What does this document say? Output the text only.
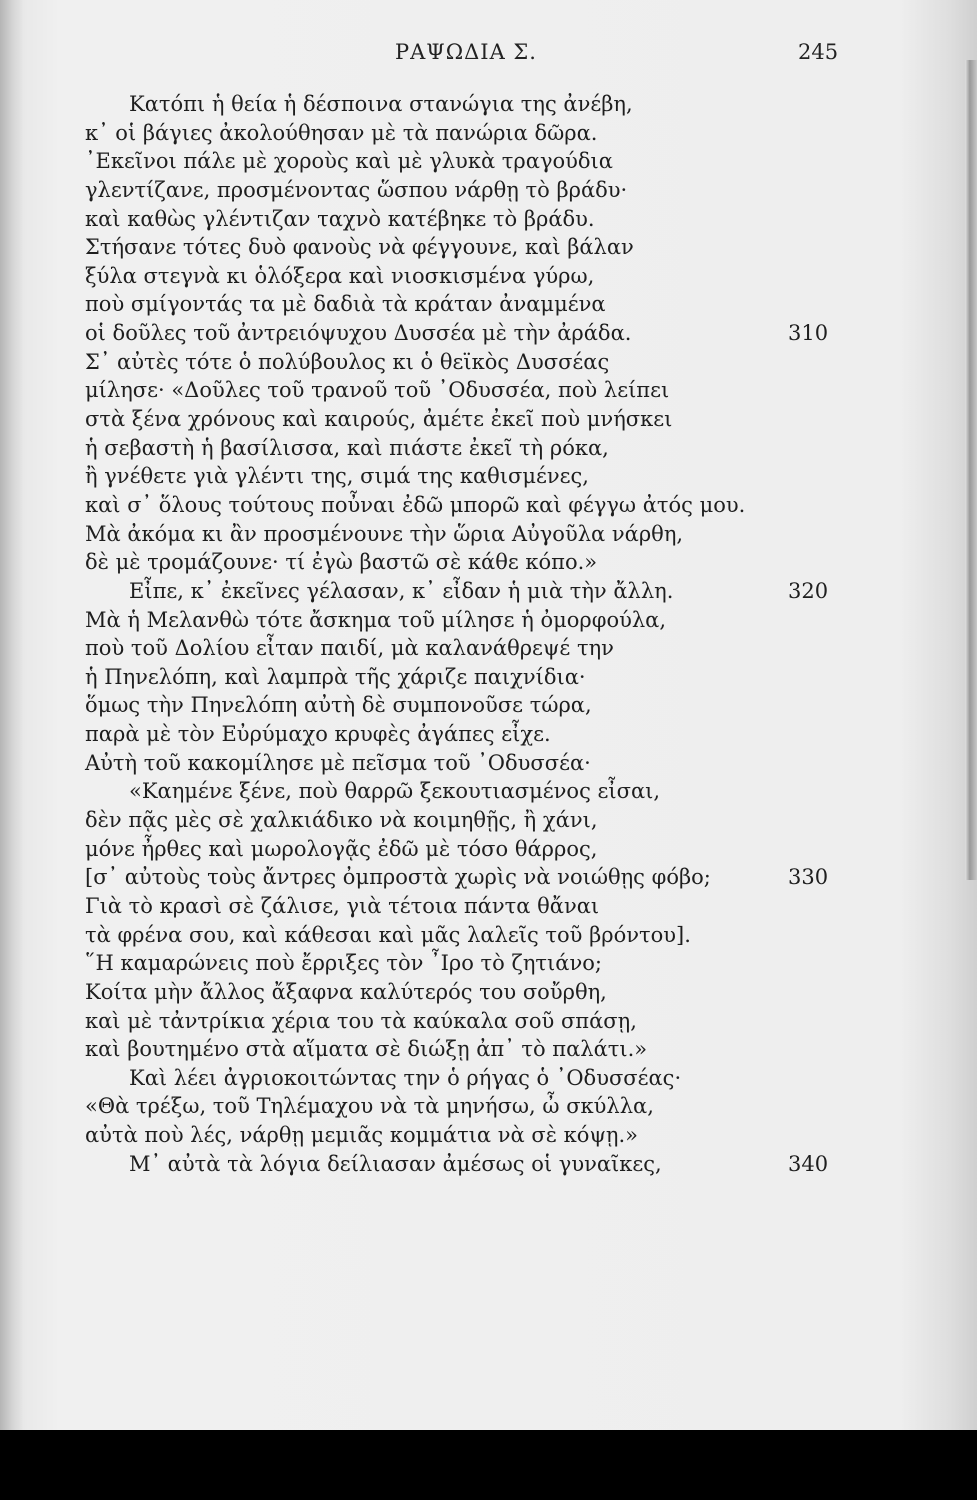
ΡΑΨΩΔΙΑ Σ.	245
Κατόπι ἡ θεία ἡ δέσποινα στανώγια της ἀνέβη,
κ᾽ οἱ βάγιες ἀκολούθησαν μὲ τὰ πανώρια δῶρα.
᾿Εκεῖνοι πάλε μὲ χοροὺς καὶ μὲ γλυκὰ τραγούδια
γλεντίζανε, προσμένοντας ὥσπου νάρθῃ τὸ βράδυ·
καὶ καθὼς γλέντιζαν ταχνὸ κατέβηκε τὸ βράδυ.
Στήσανε τότες δυὸ φανοὺς νὰ φέγγουνε, καὶ βάλαν
ξύλα στεγνὰ κι ὁλόξερα καὶ νιοσκισμένα γύρω,
ποὺ σμίγοντάς τα μὲ δαδιὰ τὰ κράταν ἀναμμένα
οἱ δοῦλες τοῦ ἀντρειόψυχου Δυσσέα μὲ τὴν ἀράδα.	310
Σ᾽ αὐτὲς τότε ὁ πολύβουλος κι ὁ θεϊκὸς Δυσσέας
μίλησε· «Δοῦλες τοῦ τρανοῦ τοῦ ᾿Οδυσσέα, ποὺ λείπει
στὰ ξένα χρόνους καὶ καιρούς, ἀμέτε ἐκεῖ ποὺ μνήσκει
ἡ σεβαστὴ ἡ βασίλισσα, καὶ πιάστε ἐκεῖ τὴ ρόκα,
ἢ γνέθετε γιὰ γλέντι της, σιμά της καθισμένες,
καὶ σ᾽ ὅλους τούτους ποὖναι ἐδῶ μπορῶ καὶ φέγγω ἀτός μου.
Μὰ ἀκόμα κι ἂν προσμένουνε τὴν ὥρια Αὐγοῦλα νάρθη,
δὲ μὲ τρομάζουνε· τί ἐγὼ βαστῶ σὲ κάθε κόπο.»
Εἶπε, κ᾽ ἐκεῖνες γέλασαν, κ᾽ εἶδαν ἡ μιὰ τὴν ἄλλη.	320
Μὰ ἡ Μελανθὼ τότε ἄσκημα τοῦ μίλησε ἡ ὀμορφούλα,
ποὺ τοῦ Δολίου εἶταν παιδί, μὰ καλανάθρεψέ την
ἡ Πηνελόπη, καὶ λαμπρὰ τῆς χάριζε παιχνίδια·
ὅμως τὴν Πηνελόπη αὐτὴ δὲ συμπονοῦσε τώρα,
παρὰ μὲ τὸν Εὐρύμαχο κρυφὲς ἀγάπες εἶχε.
Αὐτὴ τοῦ κακομίλησε μὲ πεῖσμα τοῦ ᾿Οδυσσέα·
«Καημένε ξένε, ποὺ θαρρῶ ξεκουτιασμένος εἶσαι,
δὲν πᾷς μὲς σὲ χαλκιάδικο νὰ κοιμηθῇς, ἢ χάνι,
μόνε ἦρθες καὶ μωρολογᾷς ἐδῶ μὲ τόσο θάρρος,
[σ᾽ αὐτοὺς τοὺς ἄντρες ὀμπροστὰ χωρὶς νὰ νοιώθῃς φόβο;	330
Γιὰ τὸ κρασὶ σὲ ζάλισε, γιὰ τέτοια πάντα θἄναι
τὰ φρένα σου, καὶ κάθεσαι καὶ μᾶς λαλεῖς τοῦ βρόντου].
῞Η καμαρώνεις ποὺ ἔρριξες τὸν ῏Ιρο τὸ ζητιάνο;
Κοίτα μὴν ἄλλος ἄξαφνα καλύτερός του σοὔρθη,
καὶ μὲ τἀντρίκια χέρια του τὰ καύκαλα σοῦ σπάσῃ,
καὶ βουτημένο στὰ αἵματα σὲ διώξῃ ἀπ᾽ τὸ παλάτι.»
Καὶ λέει ἀγριοκοιτώντας την ὁ ρήγας ὁ ᾿Οδυσσέας·
«Θὰ τρέξω, τοῦ Τηλέμαχου νὰ τὰ μηνήσω, ὦ σκύλλα,
αὐτὰ ποὺ λές, νάρθῃ μεμιᾶς κομμάτια νὰ σὲ κόψῃ.»
Μ᾽ αὐτὰ τὰ λόγια δείλιασαν ἀμέσως οἱ γυναῖκες,	340
